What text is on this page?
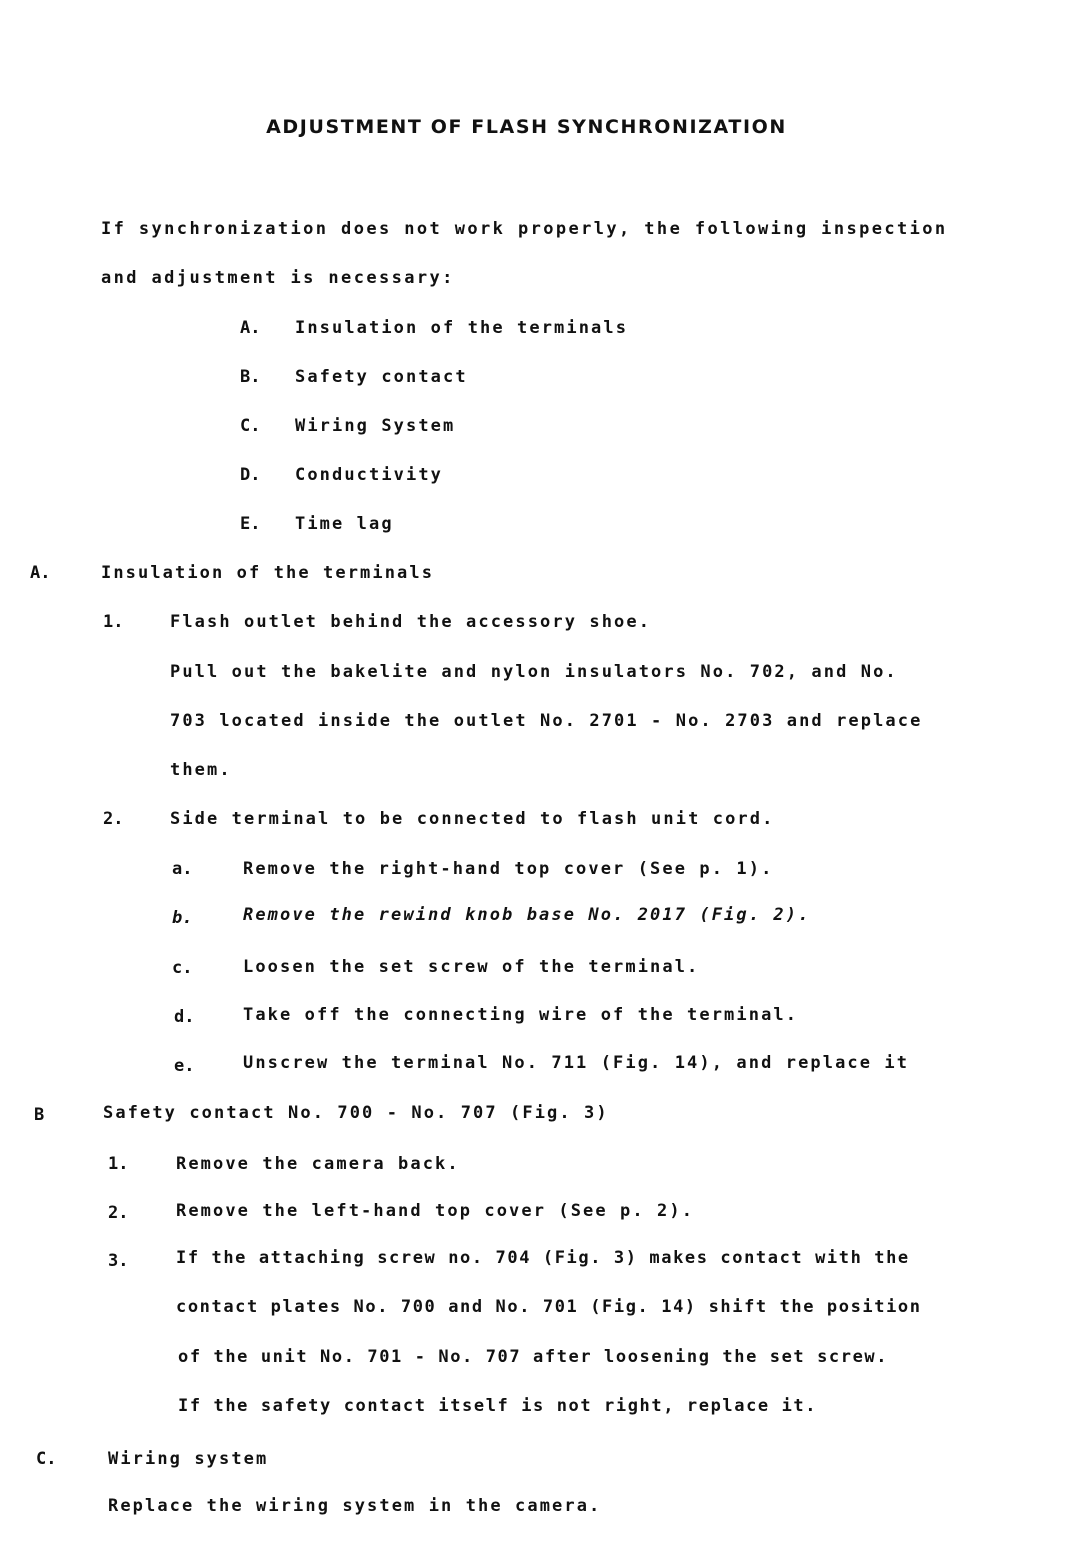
ADJUSTMENT OF FLASH SYNCHRONIZATION
If synchronization does not work properly, the following inspection
and adjustment is necessary:
A. Insulation of the terminals
B. Safety contact
C. Wiring System
D. Conductivity
E. Time lag
A.	Insulation of the terminals
1.	Flash outlet behind the accessory shoe.
Pull out the bakelite and nylon insulators No. 702, and No.
703 located inside the outlet No. 2701 - No. 2703 and replace
them.
2.	Side terminal to be connected to flash unit cord.
a.	Remove the right-hand top cover (See p. 1).
b.	Remove the rewind knob base No. 2017 (Fig. 2).
c.	Loosen the set screw of the terminal.
d.	Take off the connecting wire of the terminal.
e.	Unscrew the terminal No. 711 (Fig. 14), and replace it
B	Safety contact No. 700 - No. 707 (Fig. 3)
1.	Remove the camera back.
2.	Remove the left-hand top cover (See p. 2).
3.	If the attaching screw no. 704 (Fig. 3) makes contact with the
contact plates No. 700 and No. 701 (Fig. 14) shift the position
of the unit No. 701 - No. 707 after loosening the set screw.
If the safety contact itself is not right, replace it.
C.	Wiring system
Replace the wiring system in the camera.
